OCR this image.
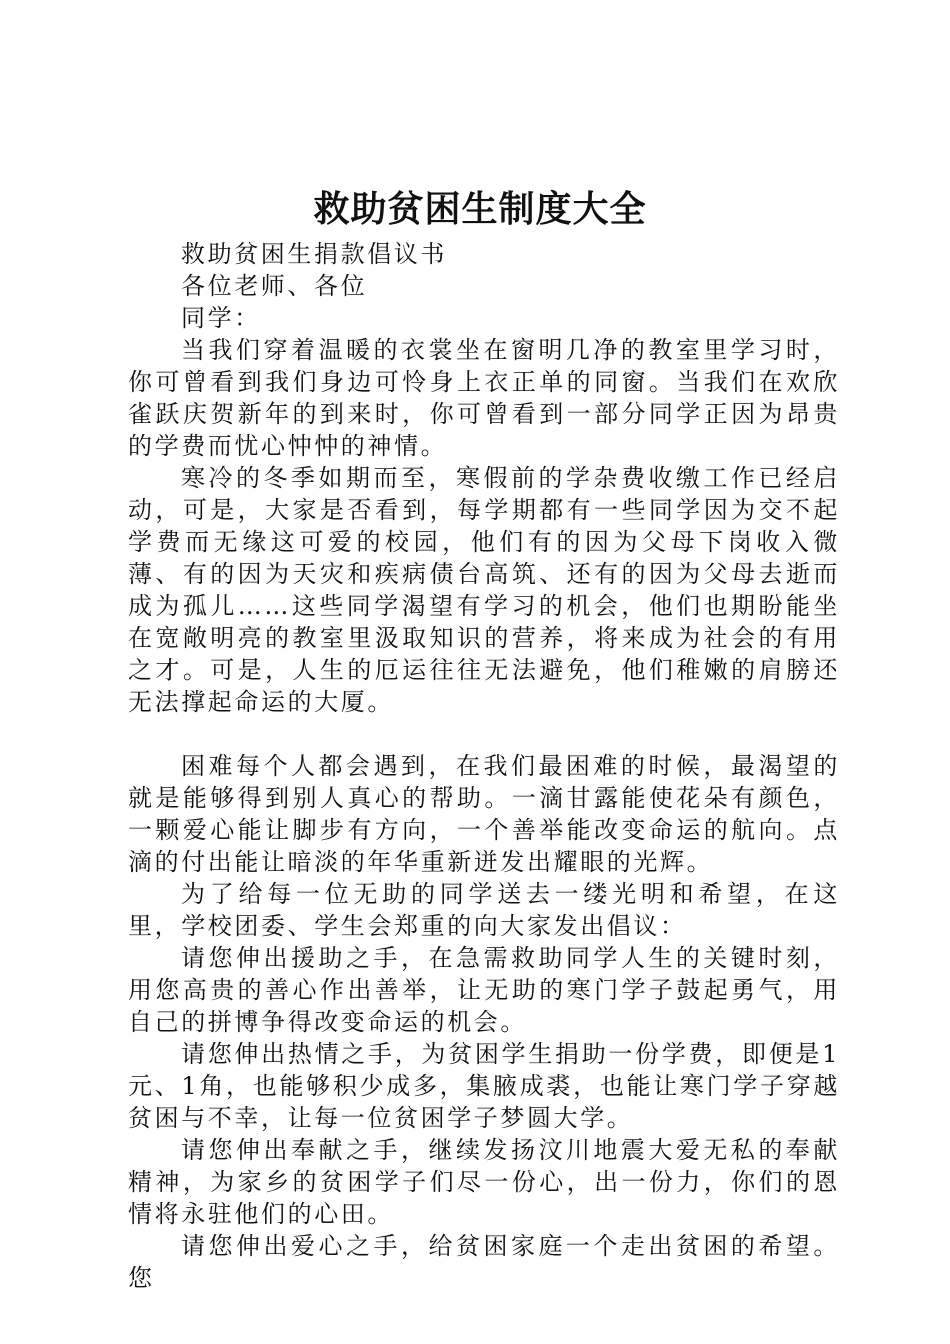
救助贫困生制度大全

救助贫困生捐款倡议书

各位老师、各位

同学：

当我们穿着温暖的衣裳坐在窗明几净的教室里学习时，你可曾看到我们身边可怜身上衣正单的同窗。当我们在欢欣雀跃庆贺新年的到来时，你可曾看到一部分同学正因为昂贵的学费而忧心忡忡的神情。

寒冷的冬季如期而至，寒假前的学杂费收缴工作已经启动，可是，大家是否看到，每学期都有一些同学因为交不起学费而无缘这可爱的校园，他们有的因为父母下岗收入微薄、有的因为天灾和疾病债台高筑、还有的因为父母去逝而成为孤儿……这些同学渴望有学习的机会，他们也期盼能坐在宽敞明亮的教室里汲取知识的营养，将来成为社会的有用之才。可是，人生的厄运往往无法避免，他们稚嫩的肩膀还无法撑起命运的大厦。

困难每个人都会遇到，在我们最困难的时候，最渴望的就是能够得到别人真心的帮助。一滴甘露能使花朵有颜色，一颗爱心能让脚步有方向，一个善举能改变命运的航向。点滴的付出能让暗淡的年华重新迸发出耀眼的光辉。

为了给每一位无助的同学送去一缕光明和希望，在这里，学校团委、学生会郑重的向大家发出倡议：

请您伸出援助之手，在急需救助同学人生的关键时刻，用您高贵的善心作出善举，让无助的寒门学子鼓起勇气，用自己的拼博争得改变命运的机会。

请您伸出热情之手，为贫困学生捐助一份学费，即便是1元、1角，也能够积少成多，集腋成裘，也能让寒门学子穿越贫困与不幸，让每一位贫困学子梦圆大学。

请您伸出奉献之手，继续发扬汶川地震大爱无私的奉献精神，为家乡的贫困学子们尽一份心，出一份力，你们的恩情将永驻他们的心田。

请您伸出爱心之手，给贫困家庭一个走出贫困的希望。您
